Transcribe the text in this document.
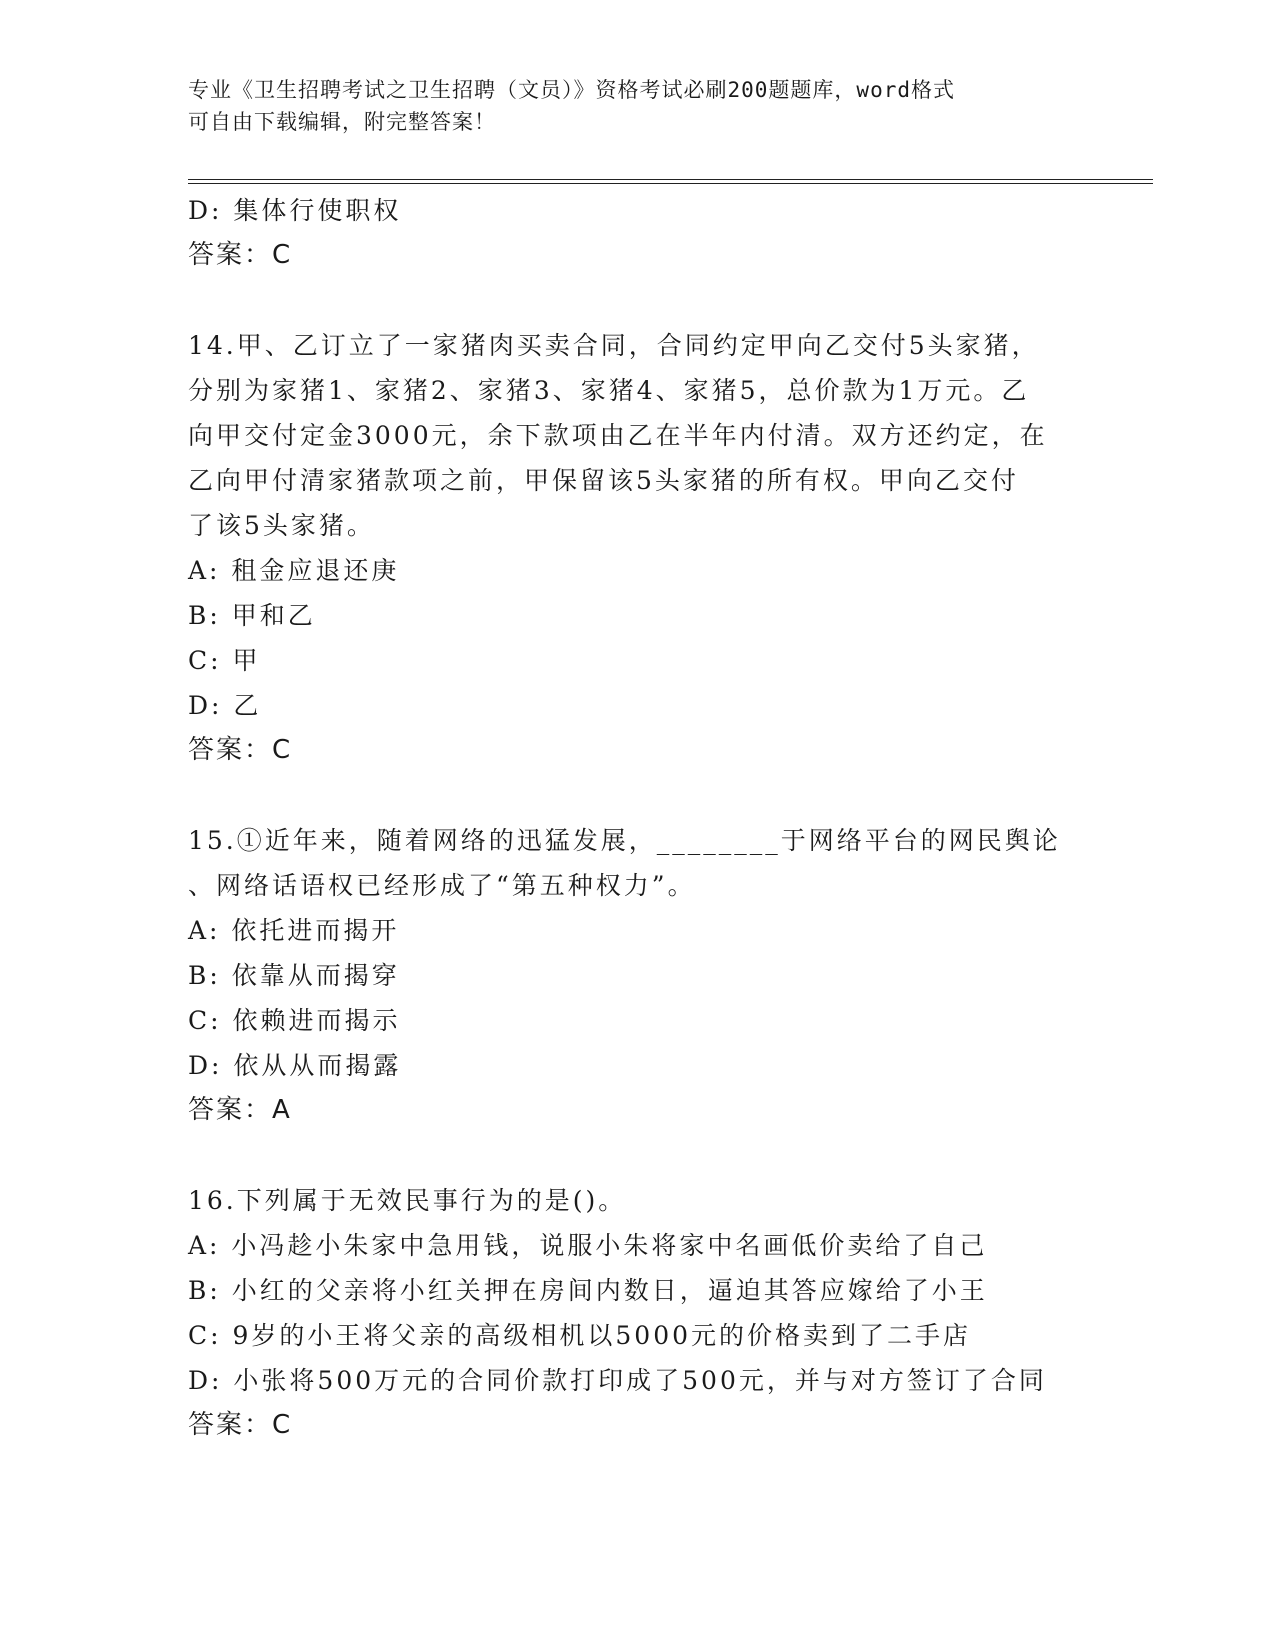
专业《卫生招聘考试之卫生招聘（文员）》资格考试必刷200题题库，word格式
可自由下载编辑，附完整答案！
D: 集体行使职权
答案：C
14.甲、乙订立了一家猪肉买卖合同，合同约定甲向乙交付5头家猪，
分别为家猪1、家猪2、家猪3、家猪4、家猪5，总价款为1万元。乙
向甲交付定金3000元，余下款项由乙在半年内付清。双方还约定，在
乙向甲付清家猪款项之前，甲保留该5头家猪的所有权。甲向乙交付
了该5头家猪。
A: 租金应退还庚
B: 甲和乙
C: 甲
D: 乙
答案：C
15.①近年来，随着网络的迅猛发展，________于网络平台的网民舆论
、网络话语权已经形成了“第五种权力”。
A: 依托进而揭开
B: 依靠从而揭穿
C: 依赖进而揭示
D: 依从从而揭露
答案：A
16.下列属于无效民事行为的是()。
A: 小冯趁小朱家中急用钱，说服小朱将家中名画低价卖给了自己
B: 小红的父亲将小红关押在房间内数日，逼迫其答应嫁给了小王
C: 9岁的小王将父亲的高级相机以5000元的价格卖到了二手店
D: 小张将500万元的合同价款打印成了500元，并与对方签订了合同
答案：C
